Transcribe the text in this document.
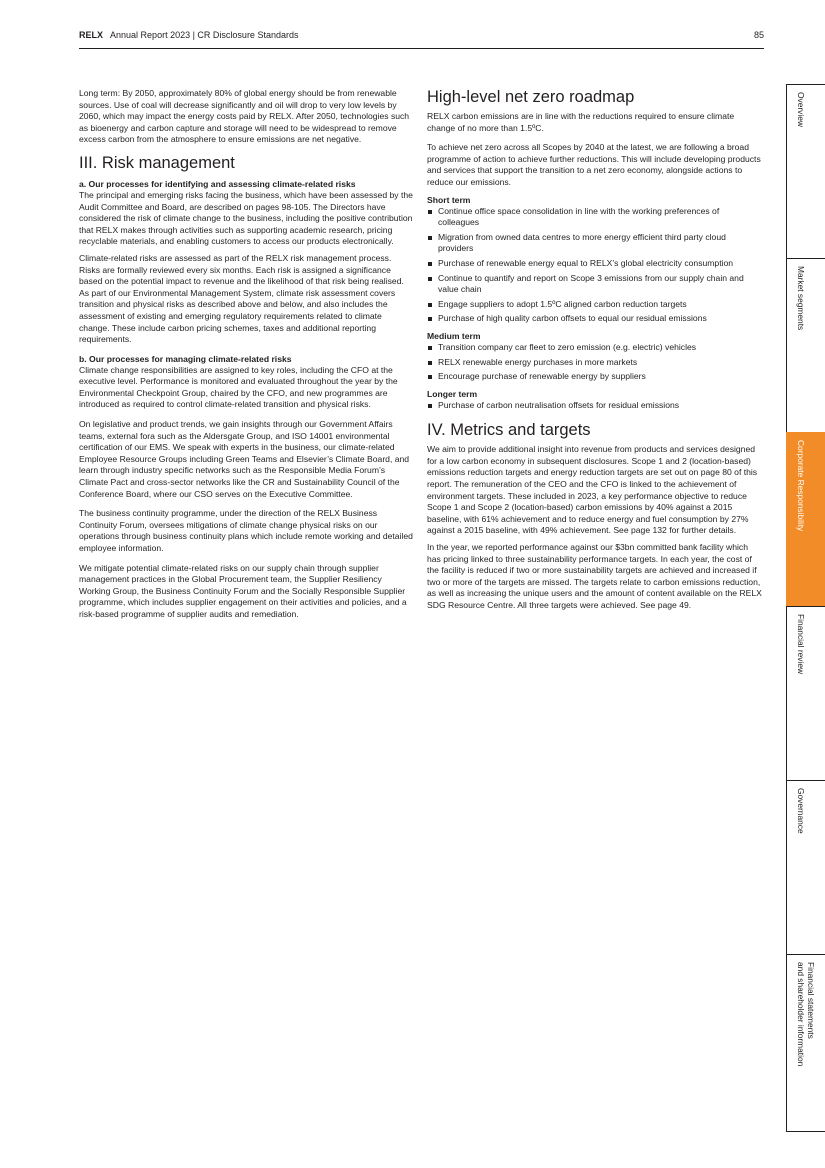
RELX Annual Report 2023 | CR Disclosure Standards	85

Long term: By 2050, approximately 80% of global energy should be from renewable sources. Use of coal will decrease significantly and oil will drop to very low levels by 2060, which may impact the energy costs paid by RELX. After 2050, technologies such as bioenergy and carbon capture and storage will need to be widespread to remove excess carbon from the atmosphere to ensure emissions are net negative.

III. Risk management
a. Our processes for identifying and assessing climate-related risks

The principal and emerging risks facing the business, which have been assessed by the Audit Committee and Board, are described on pages 98-105. The Directors have considered the risk of climate change to the business, including the positive contribution that RELX makes through activities such as supporting academic research, pricing recyclable materials, and enabling customers to access our products electronically.

Climate-related risks are assessed as part of the RELX risk management process. Risks are formally reviewed every six months. Each risk is assigned a significance based on the potential impact to revenue and the likelihood of that risk being realised. As part of our Environmental Management System, climate risk assessment covers transition and physical risks as described above and below, and also includes the assessment of existing and emerging regulatory requirements related to climate change. These include carbon pricing schemes, taxes and additional reporting requirements.

b. Our processes for managing climate-related risks

Climate change responsibilities are assigned to key roles, including the CFO at the executive level. Performance is monitored and evaluated throughout the year by the Environmental Checkpoint Group, chaired by the CFO, and new programmes are introduced as required to control climate-related transition and physical risks.

On legislative and product trends, we gain insights through our Government Affairs teams, external fora such as the Aldersgate Group, and ISO 14001 environmental certification of our EMS. We speak with experts in the business, our climate-related Employee Resource Groups including Green Teams and Elsevier’s Climate Board, and learn through industry specific networks such as the Responsible Media Forum’s Climate Pact and cross-sector networks like the CR and Sustainability Council of the Conference Board, where our CSO serves on the Executive Committee.

The business continuity programme, under the direction of the RELX Business Continuity Forum, oversees mitigations of climate change physical risks on our operations through business continuity plans which include remote working and detailed employee information.

We mitigate potential climate-related risks on our supply chain through supplier management practices in the Global Procurement team, the Supplier Resiliency Working Group, the Business Continuity Forum and the Socially Responsible Supplier programme, which includes supplier engagement on their activities and policies, and a risk-based programme of supplier audits and remediation.

High-level net zero roadmap

RELX carbon emissions are in line with the reductions required to ensure climate change of no more than 1.5ºC.

To achieve net zero across all Scopes by 2040 at the latest, we are following a broad programme of action to achieve further reductions. This will include developing products and services that support the transition to a net zero economy, alongside actions to reduce our emissions.

Short term
Continue office space consolidation in line with the working preferences of colleagues
Migration from owned data centres to more energy efficient third party cloud providers
Purchase of renewable energy equal to RELX’s global electricity consumption
Continue to quantify and report on Scope 3 emissions from our supply chain and value chain
Engage suppliers to adopt 1.5ºC aligned carbon reduction targets
Purchase of high quality carbon offsets to equal our residual emissions
Medium term
Transition company car fleet to zero emission (e.g. electric) vehicles
RELX renewable energy purchases in more markets
Encourage purchase of renewable energy by suppliers
Longer term
Purchase of carbon neutralisation offsets for residual emissions
IV. Metrics and targets

We aim to provide additional insight into revenue from products and services designed for a low carbon economy in subsequent disclosures. Scope 1 and 2 (location-based) emissions reduction targets and energy reduction targets are set out on page 80 of this report. The remuneration of the CEO and the CFO is linked to the achievement of environment targets. These included in 2023, a key performance objective to reduce Scope 1 and Scope 2 (location-based) carbon emissions by 40% against a 2015 baseline, with 61% achievement and to reduce energy and fuel consumption by 27% against a 2015 baseline, with 49% achievement. See page 132 for further details.

In the year, we reported performance against our $3bn committed bank facility which has pricing linked to three sustainability performance targets. In each year, the cost of the facility is reduced if two or more sustainability targets are achieved and increased if two or more of the targets are missed. The targets relate to carbon emissions reduction, as well as increasing the unique users and the amount of content available on the RELX SDG Resource Centre. All three targets were achieved. See page 49.

Overview
Market segments
Corporate Responsibility
Financial review
Governance
Financial statements
and shareholder information
